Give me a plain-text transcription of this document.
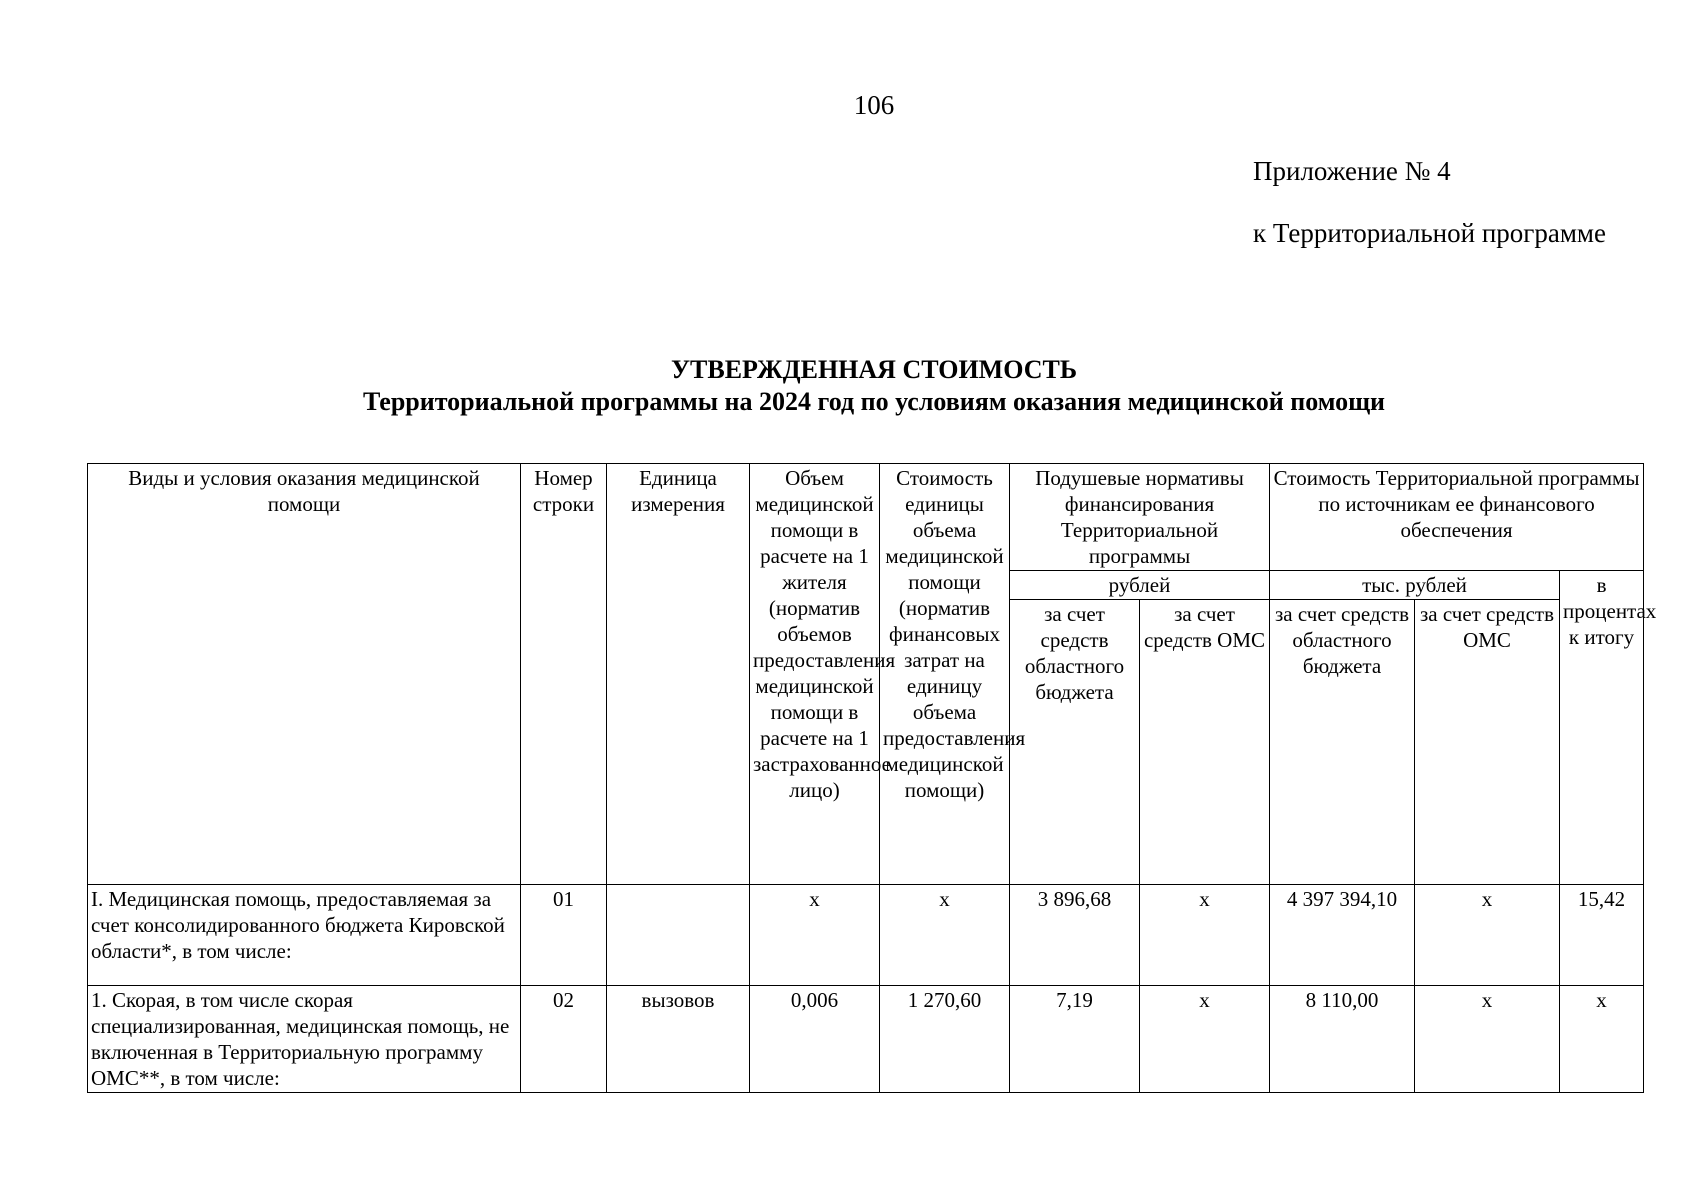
106
Приложение № 4
к Территориальной программе
УТВЕРЖДЕННАЯ СТОИМОСТЬ
Территориальной программы на 2024 год по условиям оказания медицинской помощи
Виды и условия оказания медицинской помощи	Номер строки	Единица измерения	Объем медицинской помощи в расчете на 1 жителя (норматив объемов предоставления медицинской помощи в расчете на 1 застрахованное лицо)	Стоимость единицы объема медицинской помощи (норматив финансовых затрат на единицу объема предоставления медицинской помощи)	Подушевые нормативы финансирования Территориальной программы		Стоимость Территориальной программы по источникам ее финансового обеспечения		
					рублей		тыс. рублей		в процентах к итогу
					за счет средств областного бюджета	за счет средств ОМС	за счет средств областного бюджета	за счет средств ОМС	
I. Медицинская помощь, предоставляемая за счет консолидированного бюджета Кировской области*, в том числе:	01		х	х	3 896,68	х	4 397 394,10	х	15,42
1. Скорая, в том числе скорая специализированная, медицинская помощь, не включенная в Территориальную программу ОМС**, в том числе:	02	вызовов	0,006	1 270,60	7,19	х	8 110,00	х	х
